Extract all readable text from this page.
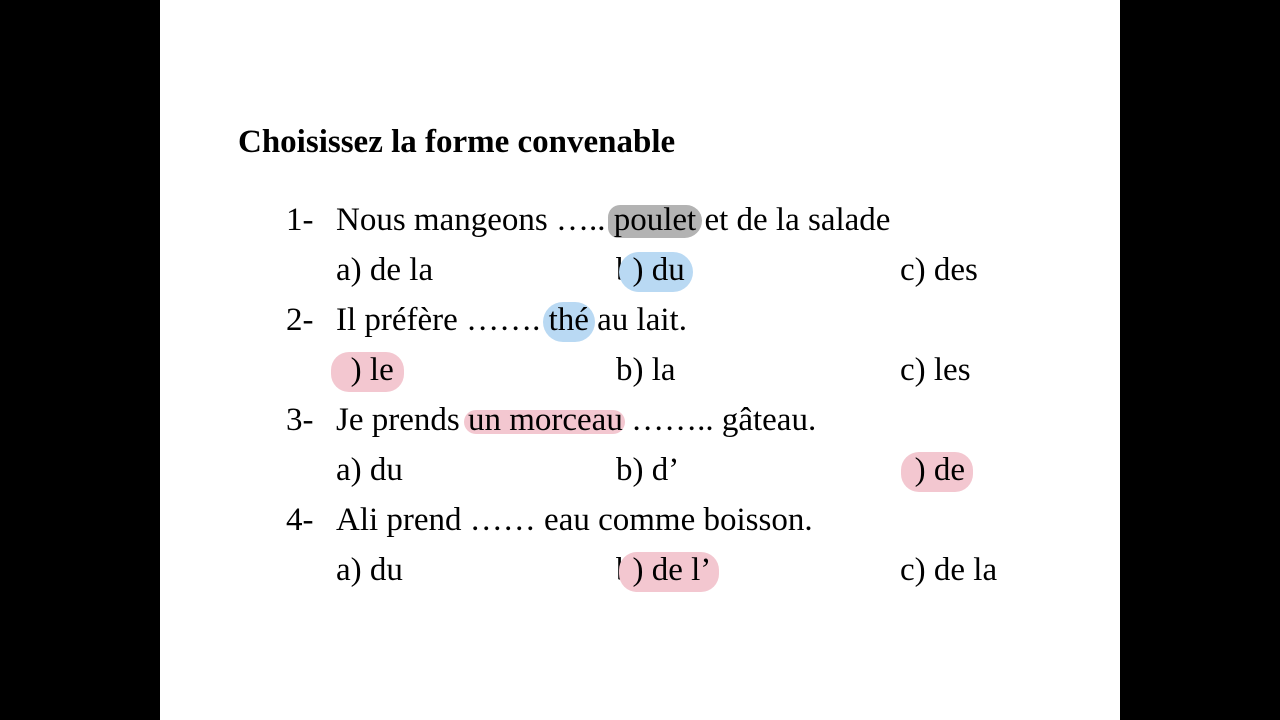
Choisissez la forme convenable
1- Nous mangeons ….. poulet et de la salade
a) de la	b) du	c) des
2- Il préfère ……. thé au lait.
a) le	b) la	c) les
3- Je prends un morceau …….. gâteau.
a) du	b) d’	c) de
4- Ali prend …… eau comme boisson.
a) du	b) de l’	c) de la
